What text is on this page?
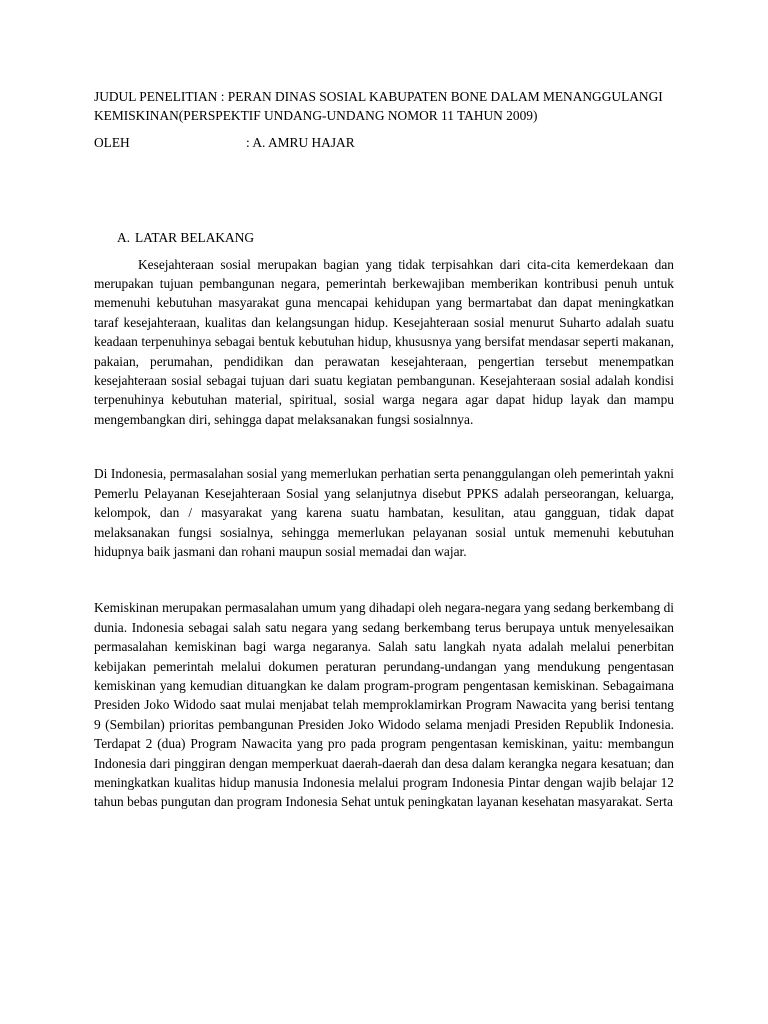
JUDUL PENELITIAN : PERAN DINAS SOSIAL KABUPATEN BONE DALAM MENANGGULANGI KEMISKINAN(PERSPEKTIF UNDANG-UNDANG NOMOR 11 TAHUN 2009)
OLEH	: A. AMRU HAJAR
A. LATAR BELAKANG

Kesejahteraan sosial merupakan bagian yang tidak terpisahkan dari cita-cita kemerdekaan dan merupakan tujuan pembangunan negara, pemerintah berkewajiban memberikan kontribusi penuh untuk memenuhi kebutuhan masyarakat guna mencapai kehidupan yang bermartabat dan dapat meningkatkan taraf kesejahteraan, kualitas dan kelangsungan hidup. Kesejahteraan sosial menurut Suharto adalah suatu keadaan terpenuhinya sebagai bentuk kebutuhan hidup, khususnya yang bersifat mendasar seperti makanan, pakaian, perumahan, pendidikan dan perawatan kesejahteraan, pengertian tersebut menempatkan kesejahteraan sosial sebagai tujuan dari suatu kegiatan pembangunan. Kesejahteraan sosial adalah kondisi terpenuhinya kebutuhan material, spiritual, sosial warga negara agar dapat hidup layak dan mampu mengembangkan diri, sehingga dapat melaksanakan fungsi sosialnnya.

Di Indonesia, permasalahan sosial yang memerlukan perhatian serta penanggulangan oleh pemerintah yakni Pemerlu Pelayanan Kesejahteraan Sosial yang selanjutnya disebut PPKS adalah perseorangan, keluarga, kelompok, dan / masyarakat yang karena suatu hambatan, kesulitan, atau gangguan, tidak dapat melaksanakan fungsi sosialnya, sehingga memerlukan pelayanan sosial untuk memenuhi kebutuhan hidupnya baik jasmani dan rohani maupun sosial memadai dan wajar.

Kemiskinan merupakan permasalahan umum yang dihadapi oleh negara-negara yang sedang berkembang di dunia. Indonesia sebagai salah satu negara yang sedang berkembang terus berupaya untuk menyelesaikan permasalahan kemiskinan bagi warga negaranya. Salah satu langkah nyata adalah melalui penerbitan kebijakan pemerintah melalui dokumen peraturan perundang-undangan yang mendukung pengentasan kemiskinan yang kemudian dituangkan ke dalam program-program pengentasan kemiskinan. Sebagaimana Presiden Joko Widodo saat mulai menjabat telah memproklamirkan Program Nawacita yang berisi tentang 9 (Sembilan) prioritas pembangunan Presiden Joko Widodo selama menjadi Presiden Republik Indonesia. Terdapat 2 (dua) Program Nawacita yang pro pada program pengentasan kemiskinan, yaitu: membangun Indonesia dari pinggiran dengan memperkuat daerah-daerah dan desa dalam kerangka negara kesatuan; dan meningkatkan kualitas hidup manusia Indonesia melalui program Indonesia Pintar dengan wajib belajar 12 tahun bebas pungutan dan program Indonesia Sehat untuk peningkatan layanan kesehatan masyarakat. Serta
